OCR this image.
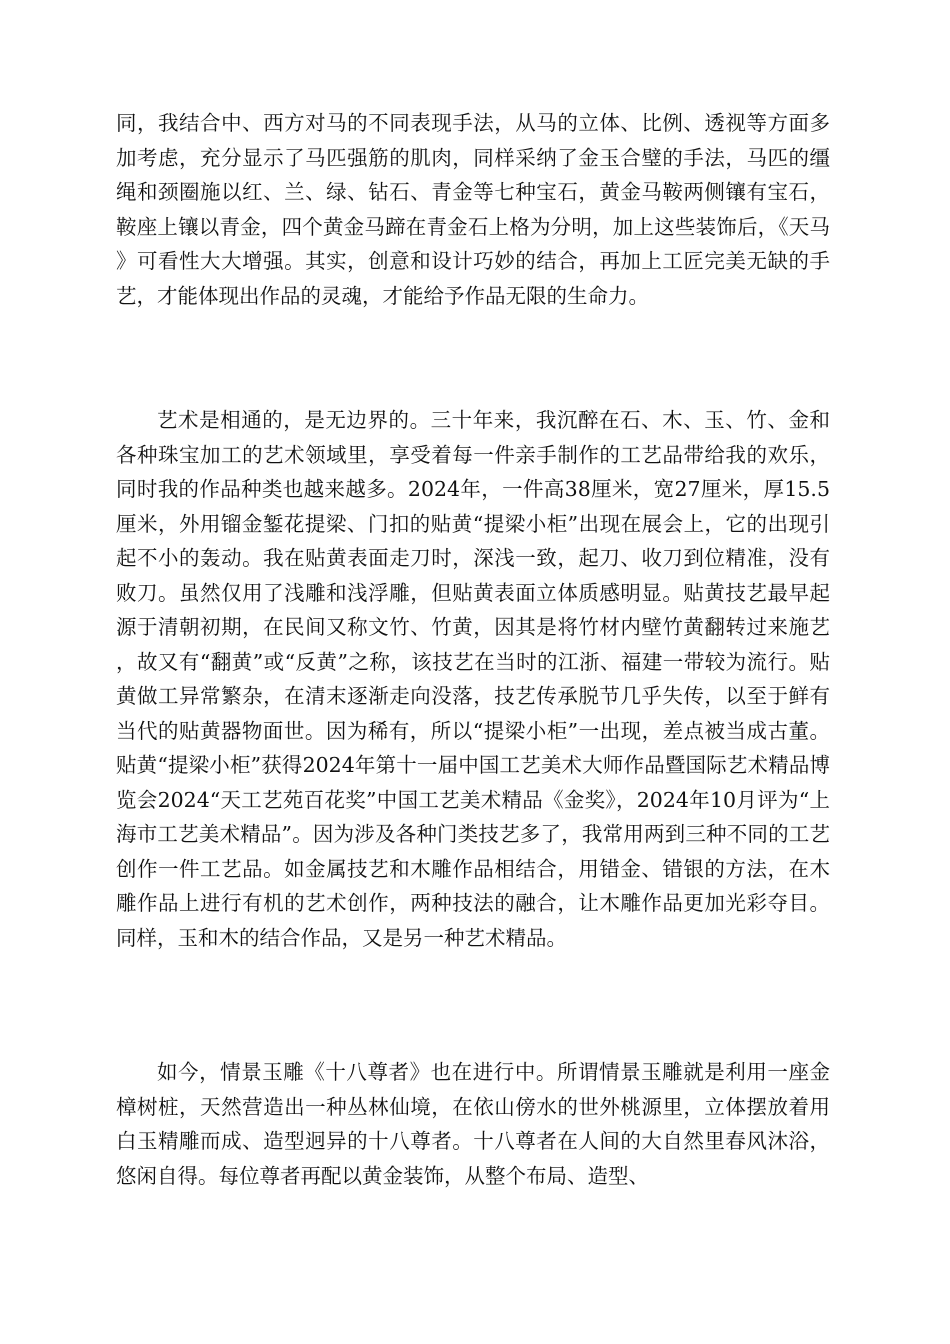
同，我结合中、西方对马的不同表现手法，从马的立体、比例、透视等方面多加考虑，充分显示了马匹强筋的肌肉，同样采纳了金玉合璧的手法，马匹的缰绳和颈圈施以红、兰、绿、钻石、青金等七种宝石，黄金马鞍两侧镶有宝石，鞍座上镶以青金，四个黄金马蹄在青金石上格为分明，加上这些装饰后，《天马》可看性大大增强。其实，创意和设计巧妙的结合，再加上工匠完美无缺的手艺，才能体现出作品的灵魂，才能给予作品无限的生命力。

艺术是相通的，是无边界的。三十年来，我沉醉在石、木、玉、竹、金和各种珠宝加工的艺术领域里，享受着每一件亲手制作的工艺品带给我的欢乐，同时我的作品种类也越来越多。2024年，一件高38厘米，宽27厘米，厚15.5厘米，外用镏金錾花提梁、门扣的贴黄“提梁小柜”出现在展会上，它的出现引起不小的轰动。我在贴黄表面走刀时，深浅一致，起刀、收刀到位精准，没有败刀。虽然仅用了浅雕和浅浮雕，但贴黄表面立体质感明显。贴黄技艺最早起源于清朝初期，在民间又称文竹、竹黄，因其是将竹材内壁竹黄翻转过来施艺，故又有“翻黄”或“反黄”之称，该技艺在当时的江浙、福建一带较为流行。贴黄做工异常繁杂，在清末逐渐走向没落，技艺传承脱节几乎失传，以至于鲜有当代的贴黄器物面世。因为稀有，所以“提梁小柜”一出现，差点被当成古董。贴黄“提梁小柜”获得2024年第十一届中国工艺美术大师作品暨国际艺术精品博览会2024“天工艺苑百花奖”中国工艺美术精品《金奖》，2024年10月评为“上海市工艺美术精品”。因为涉及各种门类技艺多了，我常用两到三种不同的工艺创作一件工艺品。如金属技艺和木雕作品相结合，用错金、错银的方法，在木雕作品上进行有机的艺术创作，两种技法的融合，让木雕作品更加光彩夺目。同样，玉和木的结合作品，又是另一种艺术精品。

如今，情景玉雕《十八尊者》也在进行中。所谓情景玉雕就是利用一座金樟树桩，天然营造出一种丛林仙境，在依山傍水的世外桃源里，立体摆放着用白玉精雕而成、造型迥异的十八尊者。十八尊者在人间的大自然里春风沐浴，悠闲自得。每位尊者再配以黄金装饰，从整个布局、造型、
